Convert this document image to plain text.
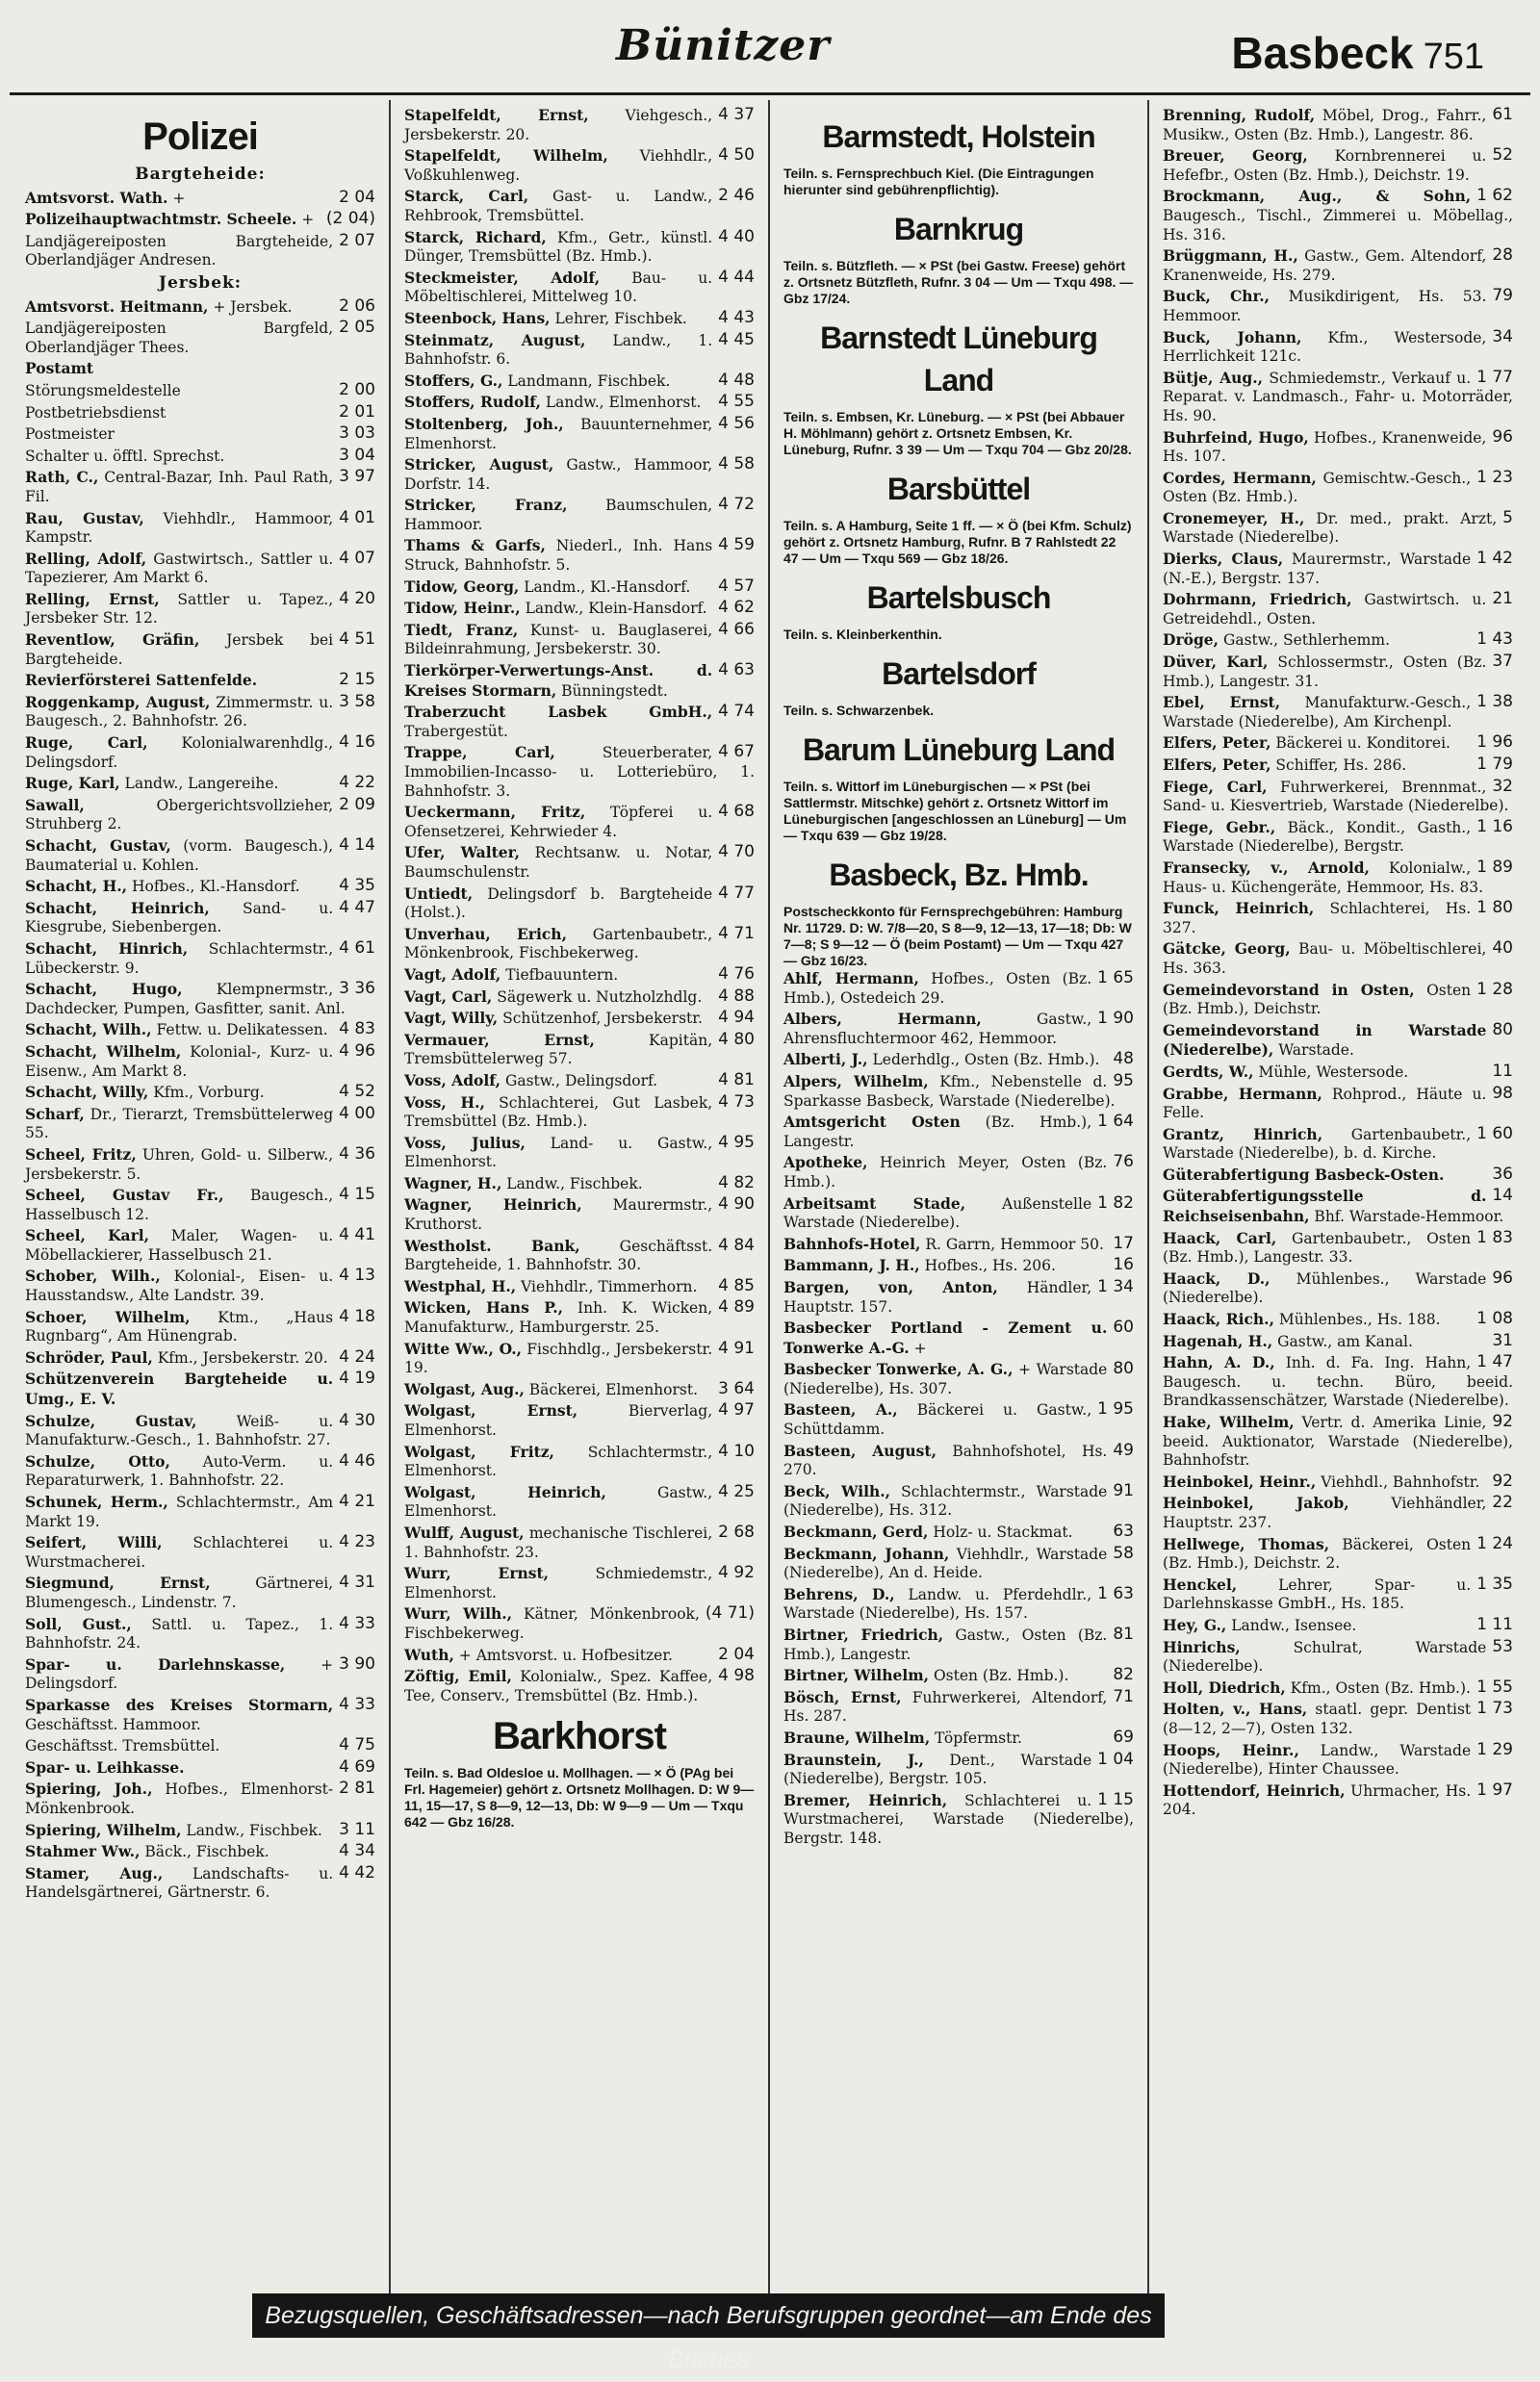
Bünitzer	Basbeck 751
Polizei
Bargteheide:
2 04
Amtsvorst. Wath. +
(2 04)
Polizeihauptwachtmstr. Scheele. +
2 07
Landjägereiposten Bargteheide, Oberlandjäger Andresen.
Jersbek:
2 06
Amtsvorst. Heitmann, + Jersbek.
2 05
Landjägereiposten Bargfeld, Oberlandjäger Thees.
Postamt
2 00
Störungsmeldestelle
2 01
Postbetriebsdienst
3 03
Postmeister
3 04
Schalter u. öfftl. Sprechst.
3 97
Rath, C., Central-Bazar, Inh. Paul Rath, Fil.
4 01
Rau, Gustav, Viehhdlr., Hammoor, Kampstr.
4 07
Relling, Adolf, Gastwirtsch., Sattler u. Tapezierer, Am Markt 6.
4 20
Relling, Ernst, Sattler u. Tapez., Jersbeker Str. 12.
4 51
Reventlow, Gräfin, Jersbek bei Bargteheide.
2 15
Revierförsterei Sattenfelde.
3 58
Roggenkamp, August, Zimmermstr. u. Baugesch., 2. Bahnhofstr. 26.
4 16
Ruge, Carl, Kolonialwarenhdlg., Delingsdorf.
4 22
Ruge, Karl, Landw., Langereihe.
2 09
Sawall, Obergerichtsvollzieher, Struhberg 2.
4 14
Schacht, Gustav, (vorm. Baugesch.), Baumaterial u. Kohlen.
4 35
Schacht, H., Hofbes., Kl.-Hansdorf.
4 47
Schacht, Heinrich, Sand- u. Kiesgrube, Siebenbergen.
4 61
Schacht, Hinrich, Schlachtermstr., Lübeckerstr. 9.
3 36
Schacht, Hugo, Klempnermstr., Dachdecker, Pumpen, Gasfitter, sanit. Anl.
4 83
Schacht, Wilh., Fettw. u. Delikatessen.
4 96
Schacht, Wilhelm, Kolonial-, Kurz- u. Eisenw., Am Markt 8.
4 52
Schacht, Willy, Kfm., Vorburg.
4 00
Scharf, Dr., Tierarzt, Tremsbüttelerweg 55.
4 36
Scheel, Fritz, Uhren, Gold- u. Silberw., Jersbekerstr. 5.
4 15
Scheel, Gustav Fr., Baugesch., Hasselbusch 12.
4 41
Scheel, Karl, Maler, Wagen- u. Möbellackierer, Hasselbusch 21.
4 13
Schober, Wilh., Kolonial-, Eisen- u. Hausstandsw., Alte Landstr. 39.
4 18
Schoer, Wilhelm, Ktm., „Haus Rugnbarg“, Am Hünengrab.
4 24
Schröder, Paul, Kfm., Jersbekerstr. 20.
4 19
Schützenverein Bargteheide u. Umg., E. V.
4 30
Schulze, Gustav, Weiß- u. Manufakturw.-Gesch., 1. Bahnhofstr. 27.
4 46
Schulze, Otto, Auto-Verm. u. Reparaturwerk, 1. Bahnhofstr. 22.
4 21
Schunek, Herm., Schlachtermstr., Am Markt 19.
4 23
Seifert, Willi, Schlachterei u. Wurstmacherei.
4 31
Siegmund, Ernst, Gärtnerei, Blumengesch., Lindenstr. 7.
4 33
Soll, Gust., Sattl. u. Tapez., 1. Bahnhofstr. 24.
3 90
Spar- u. Darlehnskasse, + Delingsdorf.
4 33
Sparkasse des Kreises Stormarn, Geschäftsst. Hammoor.
4 75
Geschäftsst. Tremsbüttel.
4 69
Spar- u. Leihkasse.
2 81
Spiering, Joh., Hofbes., Elmenhorst-Mönkenbrook.
3 11
Spiering, Wilhelm, Landw., Fischbek.
4 34
Stahmer Ww., Bäck., Fischbek.
4 42
Stamer, Aug., Landschafts- u. Handelsgärtnerei, Gärtnerstr. 6.
4 37
Stapelfeldt, Ernst, Viehgesch., Jersbekerstr. 20.
4 50
Stapelfeldt, Wilhelm, Viehhdlr., Voßkuhlenweg.
2 46
Starck, Carl, Gast- u. Landw., Rehbrook, Tremsbüttel.
4 40
Starck, Richard, Kfm., Getr., künstl. Dünger, Tremsbüttel (Bz. Hmb.).
4 44
Steckmeister, Adolf, Bau- u. Möbeltischlerei, Mittelweg 10.
4 43
Steenbock, Hans, Lehrer, Fischbek.
4 45
Steinmatz, August, Landw., 1. Bahnhofstr. 6.
4 48
Stoffers, G., Landmann, Fischbek.
4 55
Stoffers, Rudolf, Landw., Elmenhorst.
4 56
Stoltenberg, Joh., Bauunternehmer, Elmenhorst.
4 58
Stricker, August, Gastw., Hammoor, Dorfstr. 14.
4 72
Stricker, Franz, Baumschulen, Hammoor.
4 59
Thams & Garfs, Niederl., Inh. Hans Struck, Bahnhofstr. 5.
4 57
Tidow, Georg, Landm., Kl.-Hansdorf.
4 62
Tidow, Heinr., Landw., Klein-Hansdorf.
4 66
Tiedt, Franz, Kunst- u. Bauglaserei, Bildeinrahmung, Jersbekerstr. 30.
4 63
Tierkörper-Verwertungs-Anst. d. Kreises Stormarn, Bünningstedt.
4 74
Traberzucht Lasbek GmbH., Trabergestüt.
4 67
Trappe, Carl, Steuerberater, Immobilien-Incasso- u. Lotteriebüro, 1. Bahnhofstr. 3.
4 68
Ueckermann, Fritz, Töpferei u. Ofensetzerei, Kehrwieder 4.
4 70
Ufer, Walter, Rechtsanw. u. Notar, Baumschulenstr.
4 77
Untiedt, Delingsdorf b. Bargteheide (Holst.).
4 71
Unverhau, Erich, Gartenbaubetr., Mönkenbrook, Fischbekerweg.
4 76
Vagt, Adolf, Tiefbauuntern.
4 88
Vagt, Carl, Sägewerk u. Nutzholzhdlg.
4 94
Vagt, Willy, Schützenhof, Jersbekerstr.
4 80
Vermauer, Ernst, Kapitän, Tremsbüttelerweg 57.
4 81
Voss, Adolf, Gastw., Delingsdorf.
4 73
Voss, H., Schlachterei, Gut Lasbek, Tremsbüttel (Bz. Hmb.).
4 95
Voss, Julius, Land- u. Gastw., Elmenhorst.
4 82
Wagner, H., Landw., Fischbek.
4 90
Wagner, Heinrich, Maurermstr., Kruthorst.
4 84
Westholst. Bank, Geschäftsst. Bargteheide, 1. Bahnhofstr. 30.
4 85
Westphal, H., Viehhdlr., Timmerhorn.
4 89
Wicken, Hans P., Inh. K. Wicken, Manufakturw., Hamburgerstr. 25.
4 91
Witte Ww., O., Fischhdlg., Jersbekerstr. 19.
3 64
Wolgast, Aug., Bäckerei, Elmenhorst.
4 97
Wolgast, Ernst, Bierverlag, Elmenhorst.
4 10
Wolgast, Fritz, Schlachtermstr., Elmenhorst.
4 25
Wolgast, Heinrich, Gastw., Elmenhorst.
2 68
Wulff, August, mechanische Tischlerei, 1. Bahnhofstr. 23.
4 92
Wurr, Ernst, Schmiedemstr., Elmenhorst.
(4 71)
Wurr, Wilh., Kätner, Mönkenbrook, Fischbekerweg.
2 04
Wuth, + Amtsvorst. u. Hofbesitzer.
4 98
Zöftig, Emil, Kolonialw., Spez. Kaffee, Tee, Conserv., Tremsbüttel (Bz. Hmb.).
Barkhorst
Teiln. s. Bad Oldesloe u. Mollhagen. — × Ö (PAg bei Frl. Hagemeier) gehört z. Ortsnetz Mollhagen. D: W 9—11, 15—17, S 8—9, 12—13, Db: W 9—9 — Um — Txqu 642 — Gbz 16/28.
Barmstedt, Holstein
Teiln. s. Fernsprechbuch Kiel. (Die Eintragungen hierunter sind gebührenpflichtig).
Barnkrug
Teiln. s. Bützfleth. — × PSt (bei Gastw. Freese) gehört z. Ortsnetz Bützfleth, Rufnr. 3 04 — Um — Txqu 498. — Gbz 17/24.
Barnstedt Lüneburg Land
Teiln. s. Embsen, Kr. Lüneburg. — × PSt (bei Abbauer H. Möhlmann) gehört z. Ortsnetz Embsen, Kr. Lüneburg, Rufnr. 3 39 — Um — Txqu 704 — Gbz 20/28.
Barsbüttel
Teiln. s. A Hamburg, Seite 1 ff. — × Ö (bei Kfm. Schulz) gehört z. Ortsnetz Hamburg, Rufnr. B 7 Rahlstedt 22 47 — Um — Txqu 569 — Gbz 18/26.
Bartelsbusch
Teiln. s. Kleinberkenthin.
Bartelsdorf
Teiln. s. Schwarzenbek.
Barum Lüneburg Land
Teiln. s. Wittorf im Lüneburgischen — × PSt (bei Sattlermstr. Mitschke) gehört z. Ortsnetz Wittorf im Lüneburgischen [angeschlossen an Lüneburg] — Um — Txqu 639 — Gbz 19/28.
Basbeck, Bz. Hmb.
Postscheckkonto für Fernsprechgebühren: Hamburg Nr. 11729. D: W. 7/8—20, S 8—9, 12—13, 17—18; Db: W 7—8; S 9—12 — Ö (beim Postamt) — Um — Txqu 427 — Gbz 16/23.
1 65
Ahlf, Hermann, Hofbes., Osten (Bz. Hmb.), Ostedeich 29.
1 90
Albers, Hermann, Gastw., Ahrensfluchtermoor 462, Hemmoor.
48
Alberti, J., Lederhdlg., Osten (Bz. Hmb.).
95
Alpers, Wilhelm, Kfm., Nebenstelle d. Sparkasse Basbeck, Warstade (Niederelbe).
1 64
Amtsgericht Osten (Bz. Hmb.), Langestr.
76
Apotheke, Heinrich Meyer, Osten (Bz. Hmb.).
1 82
Arbeitsamt Stade, Außenstelle Warstade (Niederelbe).
17
Bahnhofs-Hotel, R. Garrn, Hemmoor 50.
16
Bammann, J. H., Hofbes., Hs. 206.
1 34
Bargen, von, Anton, Händler, Hauptstr. 157.
60
Basbecker Portland - Zement u. Tonwerke A.-G. +
80
Basbecker Tonwerke, A. G., + Warstade (Niederelbe), Hs. 307.
1 95
Basteen, A., Bäckerei u. Gastw., Schüttdamm.
49
Basteen, August, Bahnhofshotel, Hs. 270.
91
Beck, Wilh., Schlachtermstr., Warstade (Niederelbe), Hs. 312.
63
Beckmann, Gerd, Holz- u. Stackmat.
58
Beckmann, Johann, Viehhdlr., Warstade (Niederelbe), An d. Heide.
1 63
Behrens, D., Landw. u. Pferdehdlr., Warstade (Niederelbe), Hs. 157.
81
Birtner, Friedrich, Gastw., Osten (Bz. Hmb.), Langestr.
82
Birtner, Wilhelm, Osten (Bz. Hmb.).
71
Bösch, Ernst, Fuhrwerkerei, Altendorf, Hs. 287.
69
Braune, Wilhelm, Töpfermstr.
1 04
Braunstein, J., Dent., Warstade (Niederelbe), Bergstr. 105.
1 15
Bremer, Heinrich, Schlachterei u. Wurstmacherei, Warstade (Niederelbe), Bergstr. 148.
61
Brenning, Rudolf, Möbel, Drog., Fahrr., Musikw., Osten (Bz. Hmb.), Langestr. 86.
52
Breuer, Georg, Kornbrennerei u. Hefefbr., Osten (Bz. Hmb.), Deichstr. 19.
1 62
Brockmann, Aug., & Sohn, Baugesch., Tischl., Zimmerei u. Möbellag., Hs. 316.
28
Brüggmann, H., Gastw., Gem. Altendorf, Kranenweide, Hs. 279.
79
Buck, Chr., Musikdirigent, Hs. 53. Hemmoor.
34
Buck, Johann, Kfm., Westersode, Herrlichkeit 121c.
1 77
Bütje, Aug., Schmiedemstr., Verkauf u. Reparat. v. Landmasch., Fahr- u. Motorräder, Hs. 90.
96
Buhrfeind, Hugo, Hofbes., Kranenweide, Hs. 107.
1 23
Cordes, Hermann, Gemischtw.-Gesch., Osten (Bz. Hmb.).
5
Cronemeyer, H., Dr. med., prakt. Arzt, Warstade (Niederelbe).
1 42
Dierks, Claus, Maurermstr., Warstade (N.-E.), Bergstr. 137.
21
Dohrmann, Friedrich, Gastwirtsch. u. Getreidehdl., Osten.
1 43
Dröge, Gastw., Sethlerhemm.
37
Düver, Karl, Schlossermstr., Osten (Bz. Hmb.), Langestr. 31.
1 38
Ebel, Ernst, Manufakturw.-Gesch., Warstade (Niederelbe), Am Kirchenpl.
1 96
Elfers, Peter, Bäckerei u. Konditorei.
1 79
Elfers, Peter, Schiffer, Hs. 286.
32
Fiege, Carl, Fuhrwerkerei, Brennmat., Sand- u. Kiesvertrieb, Warstade (Niederelbe).
1 16
Fiege, Gebr., Bäck., Kondit., Gasth., Warstade (Niederelbe), Bergstr.
1 89
Fransecky, v., Arnold, Kolonialw., Haus- u. Küchengeräte, Hemmoor, Hs. 83.
1 80
Funck, Heinrich, Schlachterei, Hs. 327.
40
Gätcke, Georg, Bau- u. Möbeltischlerei, Hs. 363.
1 28
Gemeindevorstand in Osten, Osten (Bz. Hmb.), Deichstr.
80
Gemeindevorstand in Warstade (Niederelbe), Warstade.
11
Gerdts, W., Mühle, Westersode.
98
Grabbe, Hermann, Rohprod., Häute u. Felle.
1 60
Grantz, Hinrich, Gartenbaubetr., Warstade (Niederelbe), b. d. Kirche.
36
Güterabfertigung Basbeck-Osten.
14
Güterabfertigungsstelle d. Reichseisenbahn, Bhf. Warstade-Hemmoor.
1 83
Haack, Carl, Gartenbaubetr., Osten (Bz. Hmb.), Langestr. 33.
96
Haack, D., Mühlenbes., Warstade (Niederelbe).
1 08
Haack, Rich., Mühlenbes., Hs. 188.
31
Hagenah, H., Gastw., am Kanal.
1 47
Hahn, A. D., Inh. d. Fa. Ing. Hahn, Baugesch. u. techn. Büro, beeid. Brandkassenschätzer, Warstade (Niederelbe).
92
Hake, Wilhelm, Vertr. d. Amerika Linie, beeid. Auktionator, Warstade (Niederelbe), Bahnhofstr.
92
Heinbokel, Heinr., Viehhdl., Bahnhofstr.
22
Heinbokel, Jakob, Viehhändler, Hauptstr. 237.
1 24
Hellwege, Thomas, Bäckerei, Osten (Bz. Hmb.), Deichstr. 2.
1 35
Henckel, Lehrer, Spar- u. Darlehnskasse GmbH., Hs. 185.
1 11
Hey, G., Landw., Isensee.
53
Hinrichs, Schulrat, Warstade (Niederelbe).
1 55
Holl, Diedrich, Kfm., Osten (Bz. Hmb.).
1 73
Holten, v., Hans, staatl. gepr. Dentist (8—12, 2—7), Osten 132.
1 29
Hoops, Heinr., Landw., Warstade (Niederelbe), Hinter Chaussee.
1 97
Hottendorf, Heinrich, Uhrmacher, Hs. 204.
Bezugsquellen, Geschäftsadressen—nach Berufsgruppen geordnet—am Ende des Buches
